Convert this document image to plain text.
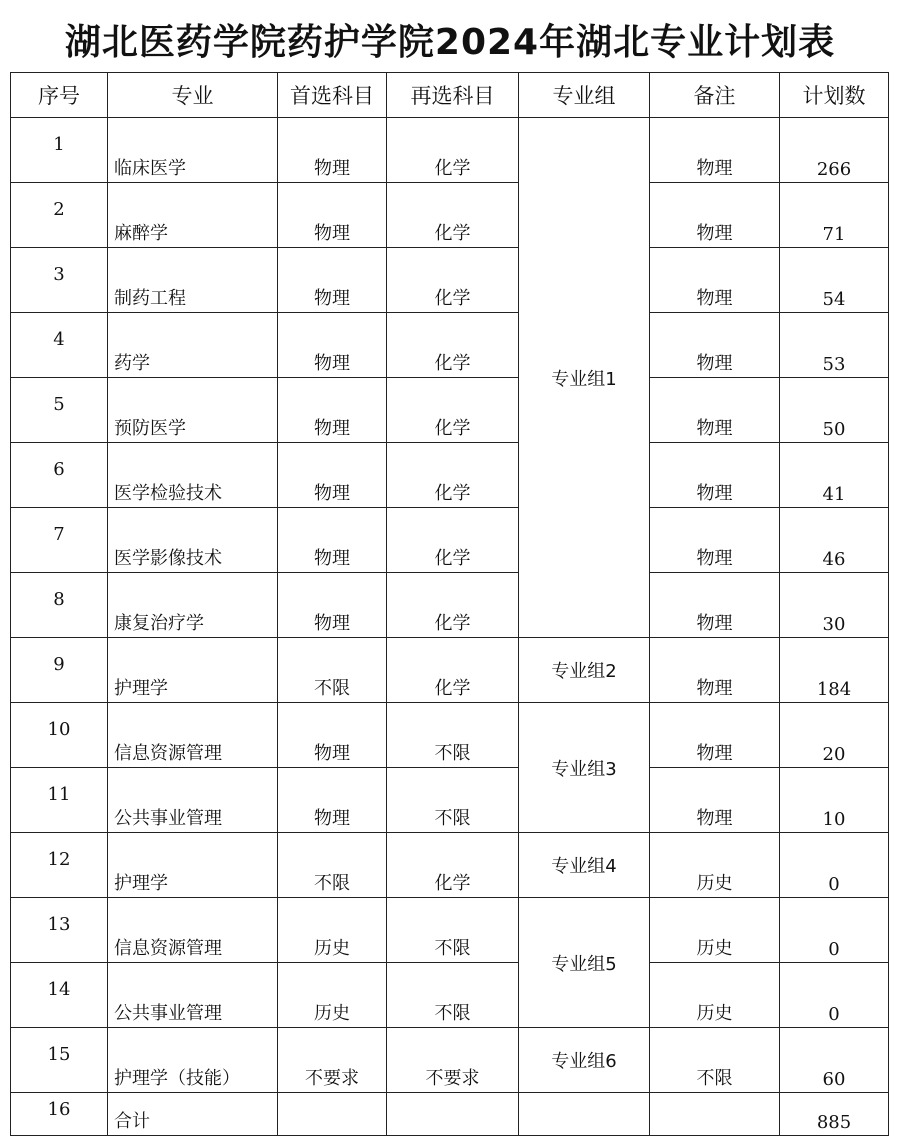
湖北医药学院药护学院2024年湖北专业计划表
序号	专业	首选科目	再选科目	专业组	备注	计划数
1	临床医学	物理	化学	专业组1	物理	266
2	麻醉学	物理	化学		物理	71
3	制药工程	物理	化学		物理	54
4	药学	物理	化学		物理	53
5	预防医学	物理	化学		物理	50
6	医学检验技术	物理	化学		物理	41
7	医学影像技术	物理	化学		物理	46
8	康复治疗学	物理	化学		物理	30
9	护理学	不限	化学	专业组2	物理	184
10	信息资源管理	物理	不限	专业组3	物理	20
11	公共事业管理	物理	不限		物理	10
12	护理学	不限	化学	专业组4	历史	0
13	信息资源管理	历史	不限	专业组5	历史	0
14	公共事业管理	历史	不限		历史	0
15	护理学（技能）	不要求	不要求	专业组6	不限	60
16	合计					885
